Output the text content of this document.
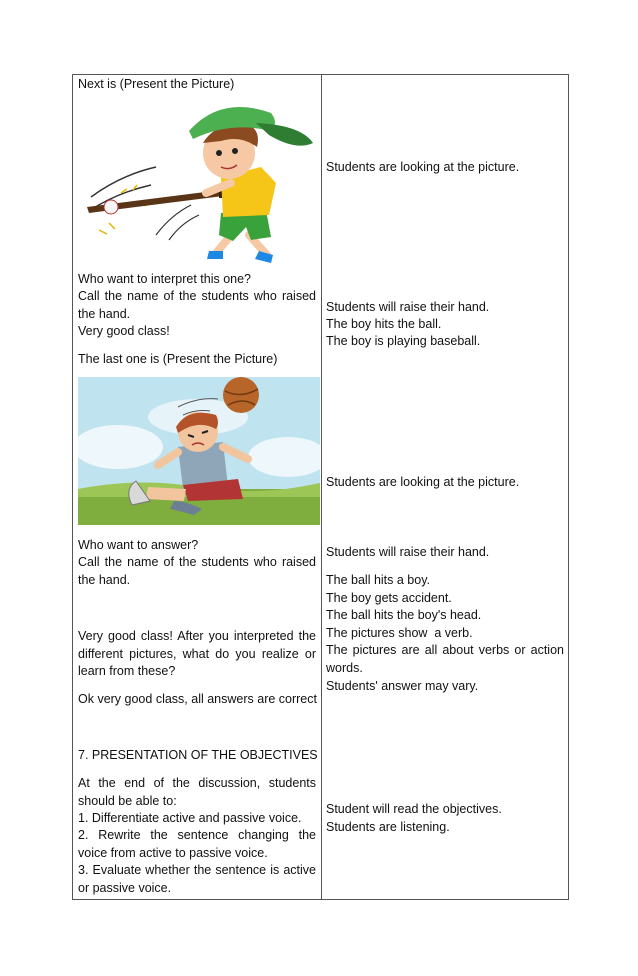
Next is (Present the Picture)
Who want to interpret this one?
Call the name of the students who raised the hand.
Very good class!
The last one is (Present the Picture)
Who want to answer?
Call the name of the students who raised the hand.
Very good class! After you interpreted the different pictures, what do you realize or learn from these?
Ok very good class, all answers are correct
7. PRESENTATION OF THE OBJECTIVES
At the end of the discussion, students should be able to:
1. Differentiate active and passive voice.
2. Rewrite the sentence changing the voice from active to passive voice.
3. Evaluate whether the sentence is active or passive voice.
Students are looking at the picture.
Students will raise their hand.
The boy hits the ball.
The boy is playing baseball.
Students are looking at the picture.
Students will raise their hand.
The ball hits a boy.
The boy gets accident.
The ball hits the boy's head.
The pictures show  a verb.
The pictures are all about verbs or action words.
Students' answer may vary.
Student will read the objectives.
Students are listening.
